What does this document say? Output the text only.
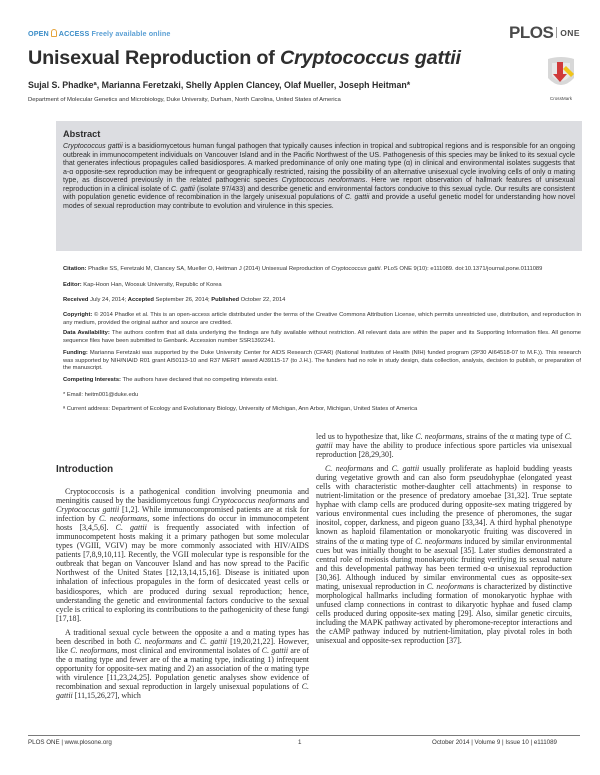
OPEN ACCESS Freely available online	PLOS ONE
Unisexual Reproduction of Cryptococcus gattii
Sujal S. Phadkeª, Marianna Feretzaki, Shelly Applen Clancey, Olaf Mueller, Joseph Heitman*
Department of Molecular Genetics and Microbiology, Duke University, Durham, North Carolina, United States of America	CrossMark
Abstract
Cryptococcus gattii is a basidiomycetous human fungal pathogen that typically causes infection in tropical and subtropical regions and is responsible for an ongoing outbreak in immunocompetent individuals on Vancouver Island and in the Pacific Northwest of the US. Pathogenesis of this species may be linked to its sexual cycle that generates infectious propagules called basidiospores. A marked predominance of only one mating type (α) in clinical and environmental isolates suggests that a-α opposite-sex reproduction may be infrequent or geographically restricted, raising the possibility of an alternative unisexual cycle involving cells of only α mating type, as discovered previously in the related pathogenic species Cryptococcus neoformans. Here we report observation of hallmark features of unisexual reproduction in a clinical isolate of C. gattii (isolate 97/433) and describe genetic and environmental factors conducive to this sexual cycle. Our results are consistent with population genetic evidence of recombination in the largely unisexual populations of C. gattii and provide a useful genetic model for understanding how novel modes of sexual reproduction may contribute to evolution and virulence in this species.
Citation: Phadke SS, Feretzaki M, Clancey SA, Mueller O, Heitman J (2014) Unisexual Reproduction of Cryptococcus gattii. PLoS ONE 9(10): e111089. doi:10.1371/journal.pone.0111089
Editor: Kap-Hoon Han, Woosuk University, Republic of Korea
Received July 24, 2014; Accepted September 26, 2014; Published October 22, 2014
Copyright: © 2014 Phadke et al. This is an open-access article distributed under the terms of the Creative Commons Attribution License, which permits unrestricted use, distribution, and reproduction in any medium, provided the original author and source are credited.
Data Availability: The authors confirm that all data underlying the findings are fully available without restriction. All relevant data are within the paper and its Supporting Information files. All genome sequence files have been submitted to Genbank. Accession number SSR1392241.
Funding: Marianna Feretzaki was supported by the Duke University Center for AIDS Research (CFAR) (National Institutes of Health (NIH) funded program (2P30 AI64518-07 to M.F.)). This research was supported by NIH/NIAID R01 grant AI50113-10 and R37 MERIT award AI39115-17 (to J.H.). The funders had no role in study design, data collection, analysis, decision to publish, or preparation of the manuscript.
Competing Interests: The authors have declared that no competing interests exist.
* Email: heitm001@duke.edu
ª Current address: Department of Ecology and Evolutionary Biology, University of Michigan, Ann Arbor, Michigan, United States of America
Introduction

Cryptococcosis is a pathogenical condition involving pneumonia and meningitis caused by the basidiomycetous fungi Cryptococcus neoformans and Cryptococcus gattii [1,2]. While immunocompromised patients are at risk for infection by C. neoformans, some infections do occur in immunocompetent hosts [3,4,5,6]. C. gattii is frequently associated with infection of immunocompetent hosts making it a primary pathogen but some molecular types (VGIII, VGIV) may be more commonly associated with HIV/AIDS patients [7,8,9,10,11]. Recently, the VGII molecular type is responsible for the outbreak that began on Vancouver Island and has now spread to the Pacific Northwest of the United States [12,13,14,15,16]. Disease is initiated upon inhalation of infectious propagules in the form of desiccated yeast cells or basidiospores, which are produced during sexual reproduction; hence, understanding the genetic and environmental factors conducive to the sexual cycle is critical to exploring its contributions to the pathogenicity of these fungi [17,18].

A traditional sexual cycle between the opposite a and α mating types has been described in both C. neoformans and C. gattii [19,20,21,22]. However, like C. neoformans, most clinical and environmental isolates of C. gattii are of the α mating type and fewer are of the a mating type, indicating 1) infrequent opportunity for opposite-sex mating and 2) an association of the α mating type with virulence [11,23,24,25]. Population genetic analyses show evidence of recombination and sexual reproduction in largely unisexual populations of C. gattii [11,15,26,27], which

led us to hypothesize that, like C. neoformans, strains of the α mating type of C. gattii may have the ability to produce infectious spore particles via unisexual reproduction [28,29,30].

C. neoformans and C. gattii usually proliferate as haploid budding yeasts during vegetative growth and can also form pseudohyphae (elongated yeast cells with characteristic mother-daughter cell attachments) in response to nutrient-limitation or the presence of predatory amoebae [31,32]. True septate hyphae with clamp cells are produced during opposite-sex mating triggered by various environmental cues including the presence of pheromones, the sugar inositol, copper, darkness, and pigeon guano [33,34]. A third hyphal phenotype known as haploid filamentation or monokaryotic fruiting was discovered in strains of the α mating type of C. neoformans induced by similar environmental cues but was initially thought to be asexual [35]. Later studies demonstrated a central role of meiosis during monokaryotic fruiting verifying its sexual nature and this developmental pathway has been termed α-α unisexual reproduction [30,36]. Although induced by similar environmental cues as opposite-sex mating, unisexual reproduction in C. neoformans is characterized by distinctive morphological hallmarks including formation of monokaryotic hyphae with unfused clamp connections in contrast to dikaryotic hyphae and fused clamp cells produced during opposite-sex mating [29]. Also, similar genetic circuits, including the MAPK pathway activated by pheromone-receptor interactions and the cAMP pathway induced by nutrient-limitation, play pivotal roles in both unisexual and opposite-sex reproduction [37].

PLOS ONE | www.plosone.org	1	October 2014 | Volume 9 | Issue 10 | e111089
